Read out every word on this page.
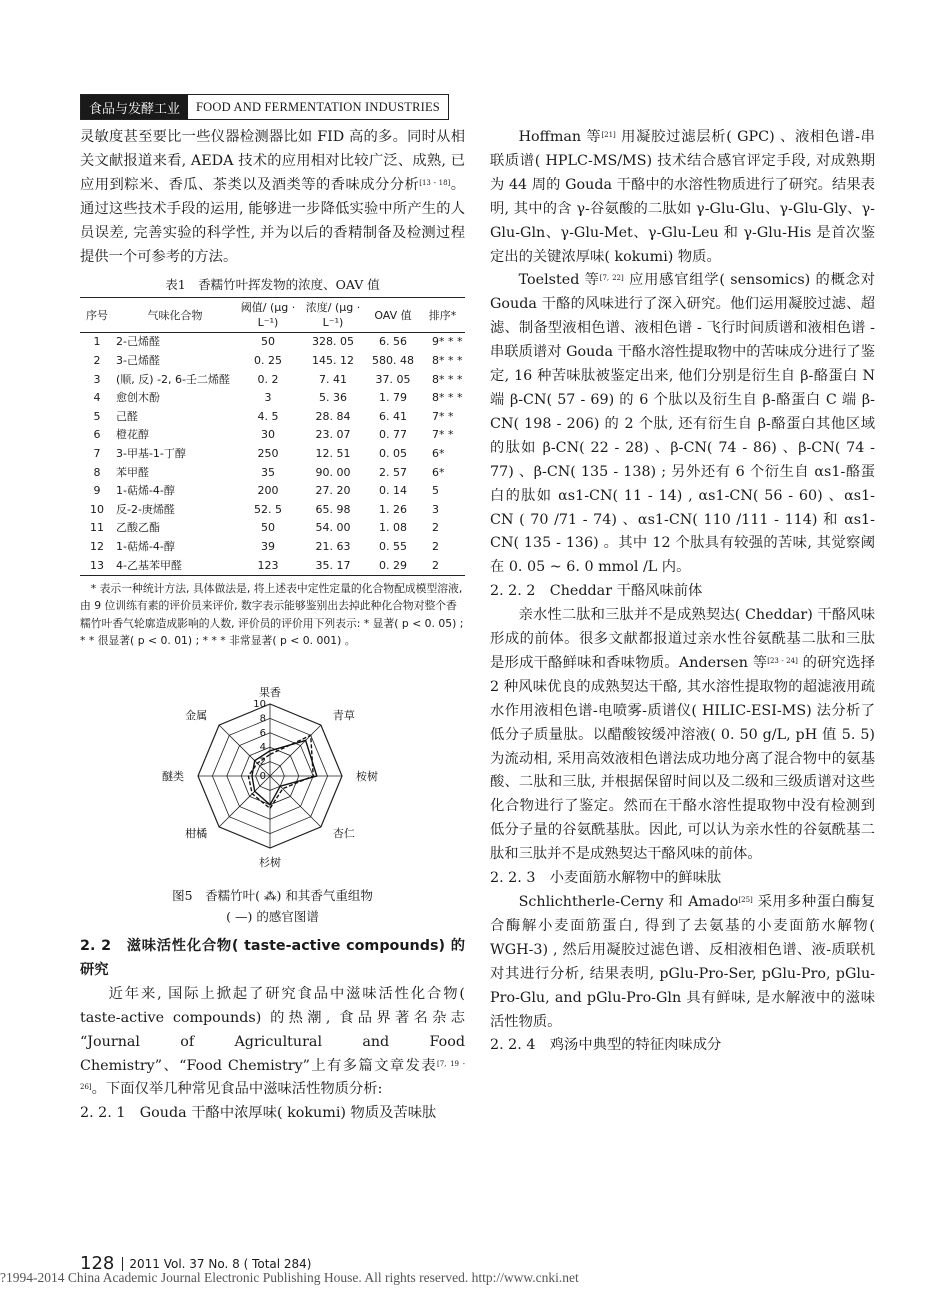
食品与发酵工业	FOOD AND FERMENTATION INDUSTRIES

灵敏度甚至要比一些仪器检测器比如 FID 高的多。同时从相关文献报道来看, AEDA 技术的应用相对比较广泛、成熟, 已应用到粽米、香瓜、茶类以及酒类等的香味成分分析[13 - 18]。通过这些技术手段的运用, 能够进一步降低实验中所产生的人员误差, 完善实验的科学性, 并为以后的香精制备及检测过程提供一个可参考的方法。

表1　香糯竹叶挥发物的浓度、OAV 值
序号	气味化合物	阈值/ (μg · L⁻¹)	浓度/ (μg · L⁻¹)	OAV 值	排序*
1	2-己烯醛	50	328. 05	6. 56	9* * *
2	3-己烯醛	0. 25	145. 12	580. 48	8* * *
3	(顺, 反) -2, 6-壬二烯醛	0. 2	7. 41	37. 05	8* * *
4	愈创木酚	3	5. 36	1. 79	8* * *
5	己醛	4. 5	28. 84	6. 41	7* *
6	橙花醇	30	23. 07	0. 77	7* *
7	3-甲基-1-丁醇	250	12. 51	0. 05	6*
8	苯甲醛	35	90. 00	2. 57	6*
9	1-萜烯-4-醇	200	27. 20	0. 14	5
10	反-2-庚烯醛	52. 5	65. 98	1. 26	3
11	乙酸乙酯	50	54. 00	1. 08	2
12	1-萜烯-4-醇	39	21. 63	0. 55	2
13	4-乙基苯甲醛	123	35. 17	0. 29	2
* 表示一种统计方法, 具体做法是, 将上述表中定性定量的化合物配成模型溶液, 由 9 位训练有素的评价员来评价, 数字表示能够鉴别出去掉此种化合物对整个香糯竹叶香气轮廓造成影响的人数, 评价员的评价用下列表示: * 显著( p < 0. 05) ; * * 很显著( p < 0. 01) ; * * * 非常显著( p < 0. 001) 。
果香
青草
桉树
杏仁
杉树
柑橘
醚类
金属
10
8
6
4
2
0
图5　香糯竹叶( ⁂) 和其香气重组物
( —) 的感官图谱

2. 2　滋味活性化合物( taste-active compounds) 的研究

近年来, 国际上掀起了研究食品中滋味活性化合物( taste-active compounds) 的热潮, 食品界著名杂志 “Journal of Agricultural and Food Chemistry”、“Food Chemistry”上有多篇文章发表[7, 19 - 26]。下面仅举几种常见食品中滋味活性物质分析:

2. 2. 1　Gouda 干酪中浓厚味( kokumi) 物质及苦味肽

Hoffman 等[21] 用凝胶过滤层析( GPC) 、液相色谱-串联质谱( HPLC-MS/MS) 技术结合感官评定手段, 对成熟期为 44 周的 Gouda 干酪中的水溶性物质进行了研究。结果表明, 其中的含 γ-谷氨酸的二肽如 γ-Glu-Glu、γ-Glu-Gly、γ-Glu-Gln、γ-Glu-Met、γ-Glu-Leu 和 γ-Glu-His 是首次鉴定出的关键浓厚味( kokumi) 物质。

Toelsted 等[7, 22] 应用感官组学( sensomics) 的概念对 Gouda 干酪的风味进行了深入研究。他们运用凝胶过滤、超滤、制备型液相色谱、液相色谱 - 飞行时间质谱和液相色谱 - 串联质谱对 Gouda 干酪水溶性提取物中的苦味成分进行了鉴定, 16 种苦味肽被鉴定出来, 他们分别是衍生自 β-酪蛋白 N 端 β-CN( 57 - 69) 的 6 个肽以及衍生自 β-酪蛋白 C 端 β-CN( 198 - 206) 的 2 个肽, 还有衍生自 β-酪蛋白其他区域的肽如 β-CN( 22 - 28) 、β-CN( 74 - 86) 、β-CN( 74 - 77) 、β-CN( 135 - 138) ; 另外还有 6 个衍生自 αs1-酪蛋白的肽如 αs1-CN( 11 - 14) , αs1-CN( 56 - 60) 、αs1-CN ( 70 /71 - 74) 、αs1-CN( 110 /111 - 114) 和 αs1-CN( 135 - 136) 。其中 12 个肽具有较强的苦味, 其觉察阈在 0. 05 ~ 6. 0 mmol /L 内。

2. 2. 2　Cheddar 干酪风味前体

亲水性二肽和三肽并不是成熟契达( Cheddar) 干酪风味形成的前体。很多文献都报道过亲水性谷氨酰基二肽和三肽是形成干酪鲜味和香味物质。Andersen 等[23 - 24] 的研究选择 2 种风味优良的成熟契达干酪, 其水溶性提取物的超滤液用疏水作用液相色谱-电喷雾-质谱仪( HILIC-ESI-MS) 法分析了低分子质量肽。以醋酸铵缓冲溶液( 0. 50 g/L, pH 值 5. 5) 为流动相, 采用高效液相色谱法成功地分离了混合物中的氨基酸、二肽和三肽, 并根据保留时间以及二级和三级质谱对这些化合物进行了鉴定。然而在干酪水溶性提取物中没有检测到低分子量的谷氨酰基肽。因此, 可以认为亲水性的谷氨酰基二肽和三肽并不是成熟契达干酪风味的前体。

2. 2. 3　小麦面筋水解物中的鲜味肽

Schlichtherle-Cerny 和 Amado[25] 采用多种蛋白酶复合酶解小麦面筋蛋白, 得到了去氨基的小麦面筋水解物( WGH-3) , 然后用凝胶过滤色谱、反相液相色谱、液-质联机对其进行分析, 结果表明, pGlu-Pro-Ser, pGlu-Pro, pGlu-Pro-Glu, and pGlu-Pro-Gln 具有鲜味, 是水解液中的滋味活性物质。

2. 2. 4　鸡汤中典型的特征肉味成分

128	2011 Vol. 37 No. 8 ( Total 284)
?1994-2014 China Academic Journal Electronic Publishing House. All rights reserved. http://www.cnki.net
